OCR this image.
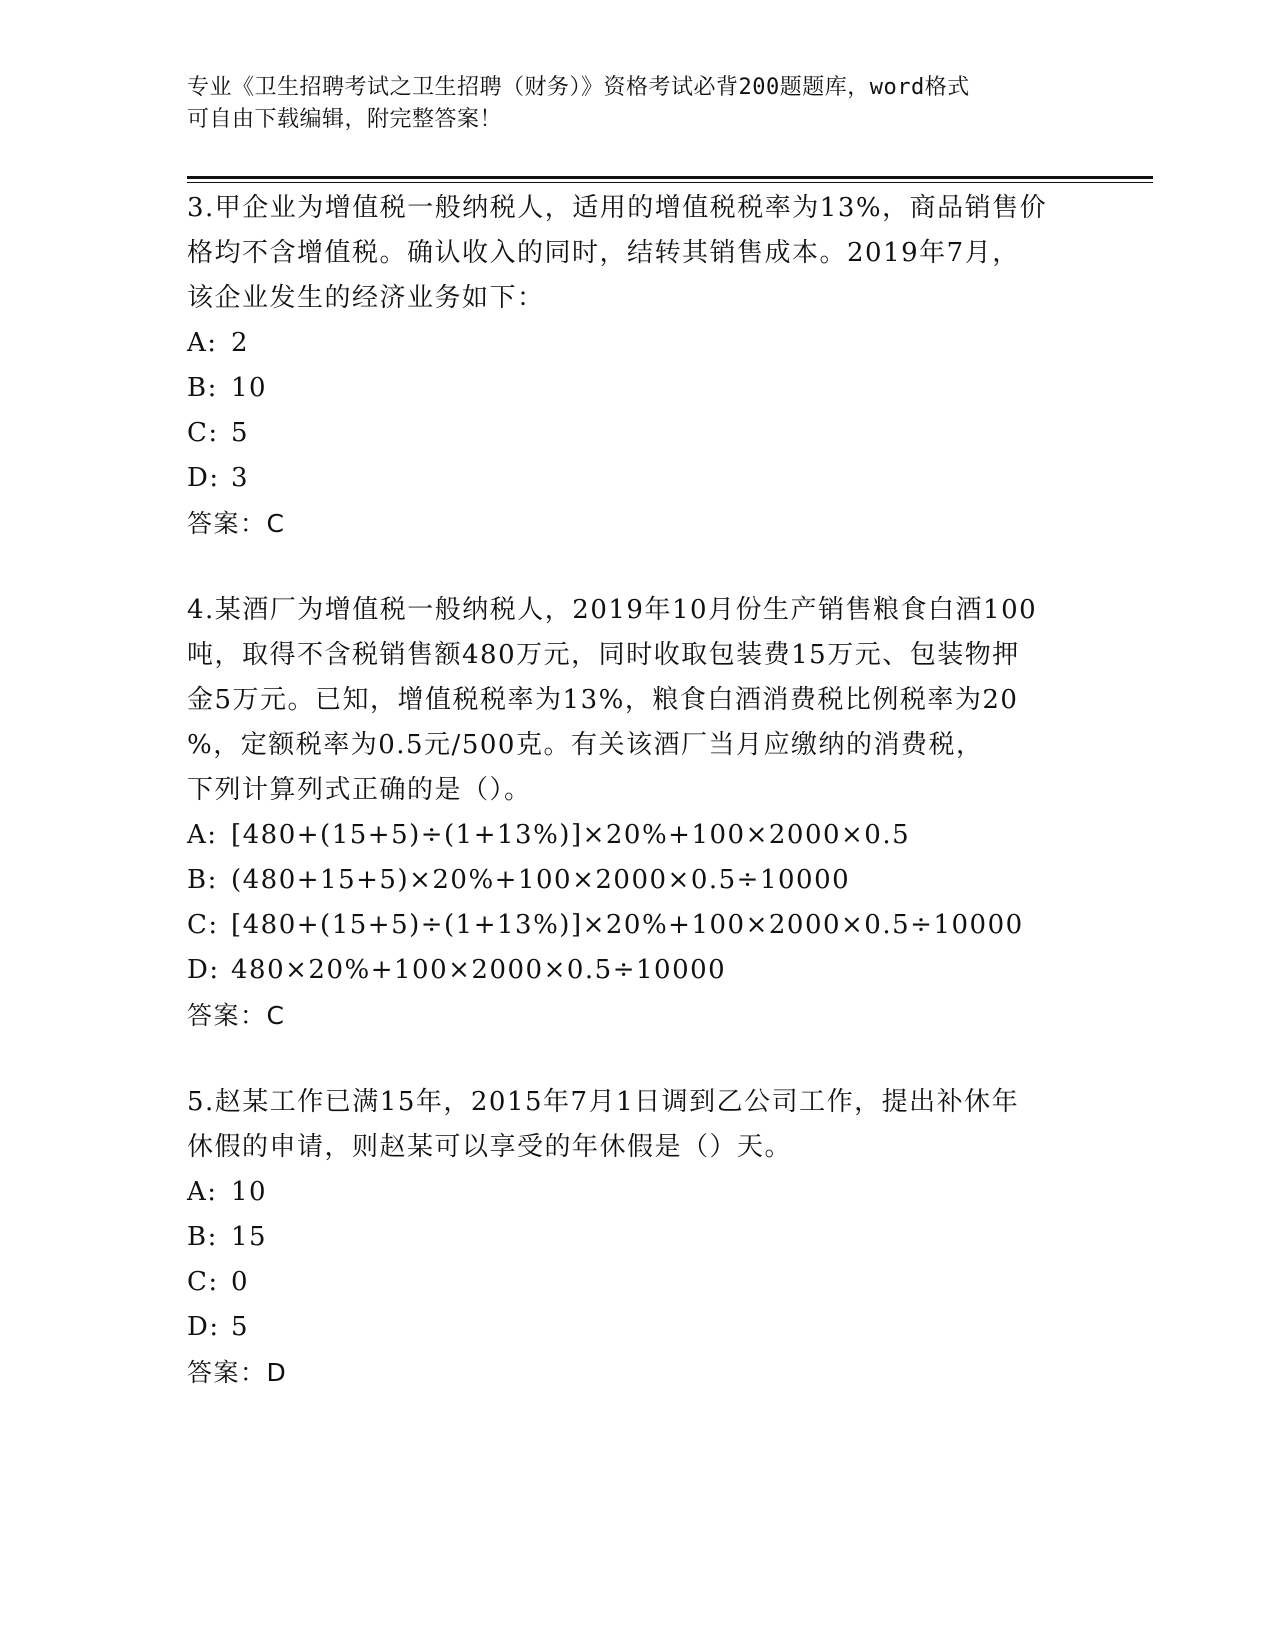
专业《卫生招聘考试之卫生招聘（财务）》资格考试必背200题题库，word格式
可自由下载编辑，附完整答案！
3.甲企业为增值税一般纳税人，适用的增值税税率为13%，商品销售价
格均不含增值税。确认收入的同时，结转其销售成本。2019年7月，
该企业发生的经济业务如下：
A: 2
B: 10
C: 5
D: 3
答案：C
4.某酒厂为增值税一般纳税人，2019年10月份生产销售粮食白酒100
吨，取得不含税销售额480万元，同时收取包装费15万元、包装物押
金5万元。已知，增值税税率为13%，粮食白酒消费税比例税率为20
%，定额税率为0.5元/500克。有关该酒厂当月应缴纳的消费税，
下列计算列式正确的是（）。
A: [480+(15+5)÷(1+13%)]×20%+100×2000×0.5
B: (480+15+5)×20%+100×2000×0.5÷10000
C: [480+(15+5)÷(1+13%)]×20%+100×2000×0.5÷10000
D: 480×20%+100×2000×0.5÷10000
答案：C
5.赵某工作已满15年，2015年7月1日调到乙公司工作，提出补休年
休假的申请，则赵某可以享受的年休假是（）天。
A: 10
B: 15
C: 0
D: 5
答案：D
